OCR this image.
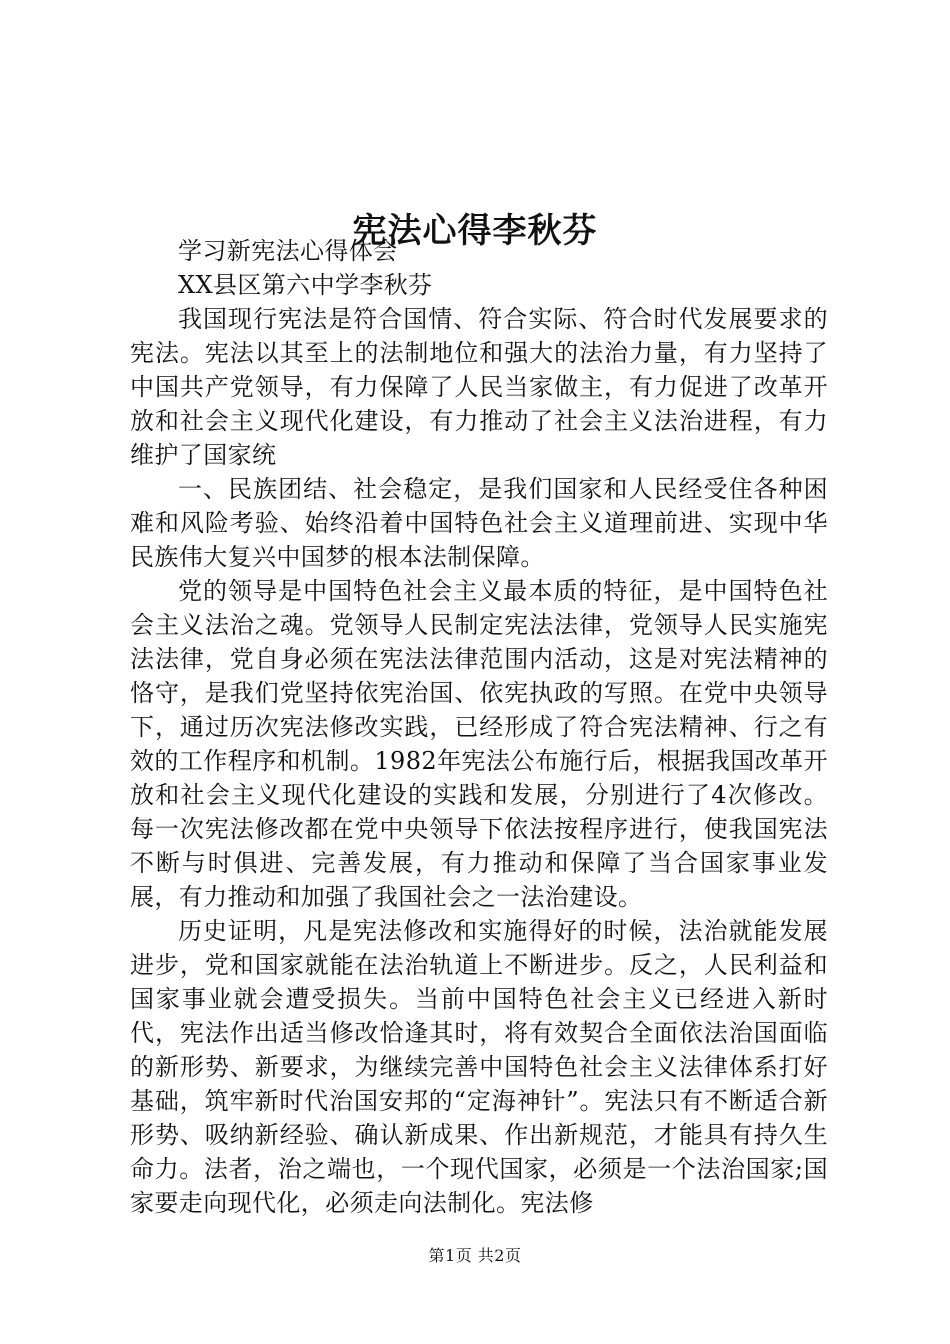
宪法心得李秋芬

学习新宪法心得体会

XX县区第六中学李秋芬

我国现行宪法是符合国情、符合实际、符合时代发展要求的宪法。宪法以其至上的法制地位和强大的法治力量，有力坚持了中国共产党领导，有力保障了人民当家做主，有力促进了改革开放和社会主义现代化建设，有力推动了社会主义法治进程，有力维护了国家统

一、民族团结、社会稳定，是我们国家和人民经受住各种困难和风险考验、始终沿着中国特色社会主义道理前进、实现中华民族伟大复兴中国梦的根本法制保障。

党的领导是中国特色社会主义最本质的特征，是中国特色社会主义法治之魂。党领导人民制定宪法法律，党领导人民实施宪法法律，党自身必须在宪法法律范围内活动，这是对宪法精神的恪守，是我们党坚持依宪治国、依宪执政的写照。在党中央领导下，通过历次宪法修改实践，已经形成了符合宪法精神、行之有效的工作程序和机制。1982年宪法公布施行后，根据我国改革开放和社会主义现代化建设的实践和发展，分别进行了4次修改。每一次宪法修改都在党中央领导下依法按程序进行，使我国宪法不断与时俱进、完善发展，有力推动和保障了当合国家事业发展，有力推动和加强了我国社会之一法治建设。

历史证明，凡是宪法修改和实施得好的时候，法治就能发展进步，党和国家就能在法治轨道上不断进步。反之，人民利益和国家事业就会遭受损失。当前中国特色社会主义已经进入新时代，宪法作出适当修改恰逢其时，将有效契合全面依法治国面临的新形势、新要求，为继续完善中国特色社会主义法律体系打好基础，筑牢新时代治国安邦的“定海神针”。宪法只有不断适合新形势、吸纳新经验、确认新成果、作出新规范，才能具有持久生命力。法者，治之端也，一个现代国家，必须是一个法治国家;国家要走向现代化，必须走向法制化。宪法修

第1页 共2页
